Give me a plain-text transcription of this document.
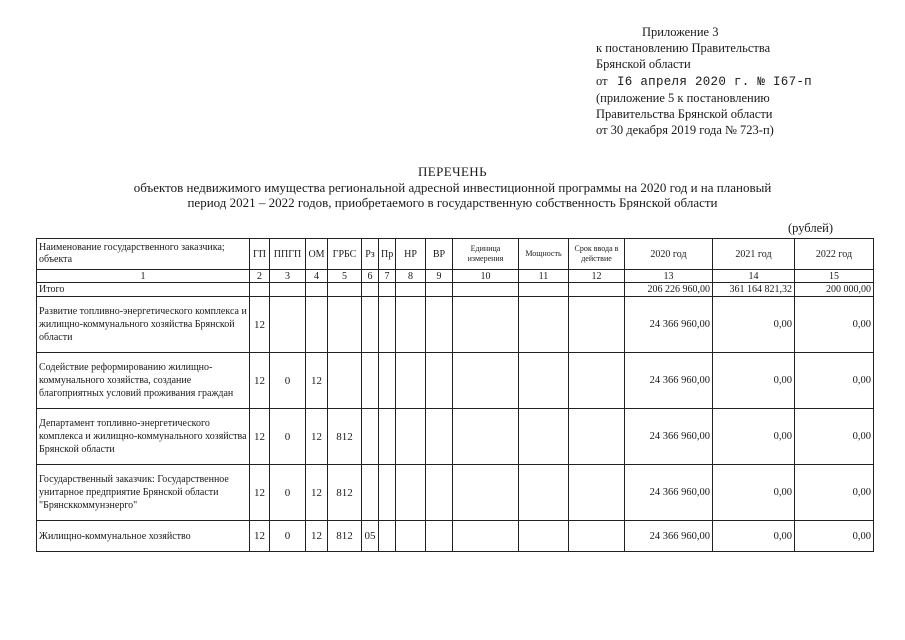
Приложение 3
к постановлению Правительства
Брянской области
от I6 апреля 2020 г. № I67-п
(приложение 5 к постановлению
Правительства Брянской области
от 30 декабря 2019 года № 723-п)
ПЕРЕЧЕНЬ
объектов недвижимого имущества региональной адресной инвестиционной программы на 2020 год и на плановый
период 2021 – 2022 годов, приобретаемого в государственную собственность Брянской области
(рублей)
Наименование государственного заказчика; объекта	ГП	ППГП	ОМ	ГРБС	Рз	Пр	НР	ВР	Единица измерения	Мощность	Срок ввода в действие	2020 год	2021 год	2022 год
1	2	3	4	5	6	7	8	9	10	11	12	13	14	15
Итого												206 226 960,00	361 164 821,32	200 000,00
Развитие топливно-энергетического комплекса и жилищно-коммунального хозяйства Брянской области	12											24 366 960,00	0,00	0,00
Содействие реформированию жилищно-коммунального хозяйства, создание благоприятных условий проживания граждан	12	0	12									24 366 960,00	0,00	0,00
Департамент топливно-энергетического комплекса и жилищно-коммунального хозяйства Брянской области	12	0	12	812								24 366 960,00	0,00	0,00
Государственный заказчик: Государственное унитарное предприятие Брянской области "Брянсккоммунэнерго"	12	0	12	812								24 366 960,00	0,00	0,00
Жилищно-коммунальное хозяйство	12	0	12	812	05							24 366 960,00	0,00	0,00
